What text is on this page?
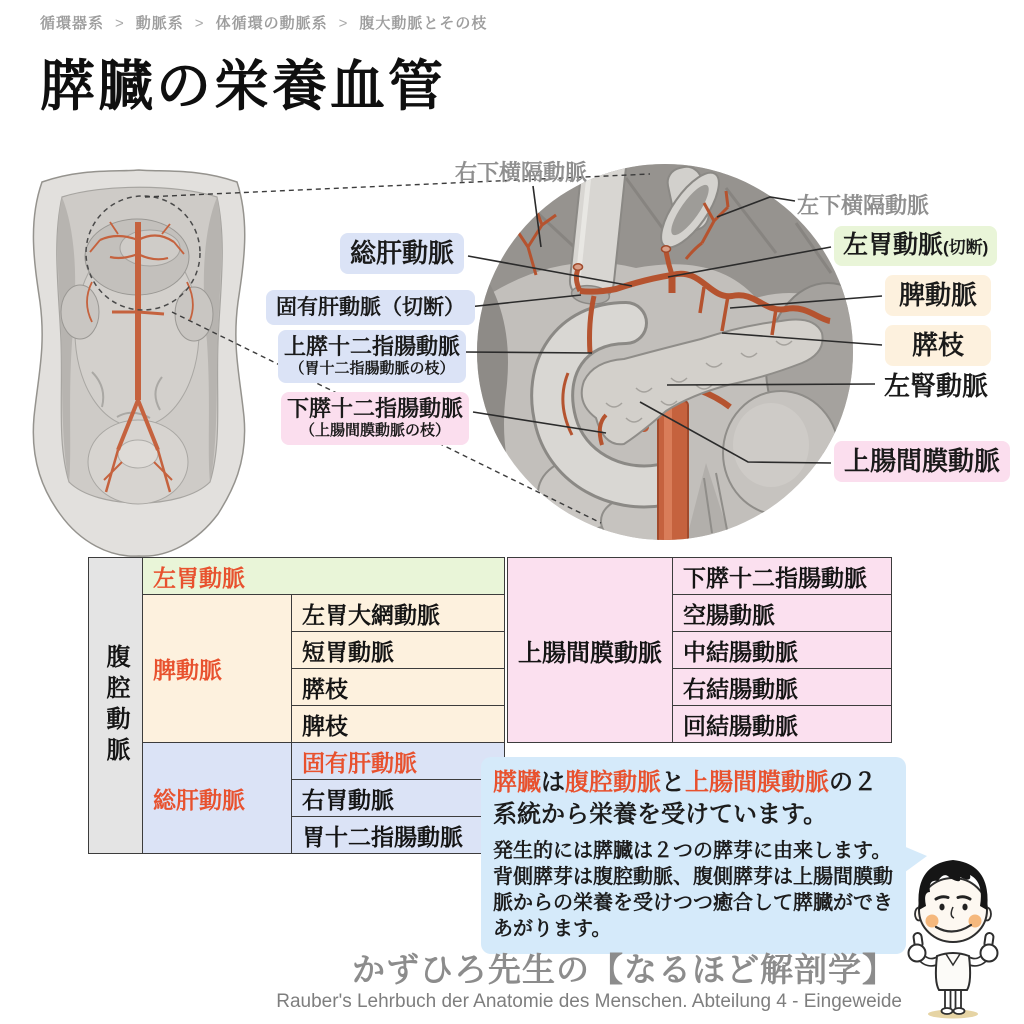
循環器系 > 動脈系 > 体循環の動脈系 > 腹大動脈とその枝
膵臓の栄養血管
右下横隔動脈
左下横隔動脈
総肝動脈
固有肝動脈（切断）
上膵十二指腸動脈
（胃十二指腸動脈の枝）
下膵十二指腸動脈
（上腸間膜動脈の枝）
左胃動脈(切断)
脾動脈
膵枝
左腎動脈
上腸間膜動脈
腹腔動脈	左胃動脈	
	脾動脈	左胃大網動脈
		短胃動脈
		膵枝
		脾枝
	総肝動脈	固有肝動脈
		右胃動脈
		胃十二指腸動脈
上腸間膜動脈	下膵十二指腸動脈
空腸動脈
中結腸動脈
右結腸動脈
回結腸動脈

膵臓は腹腔動脈と上腸間膜動脈の２系統から栄養を受けています。

発生的には膵臓は２つの膵芽に由来します。背側膵芽は腹腔動脈、腹側膵芽は上腸間膜動脈からの栄養を受けつつ癒合して膵臓ができあがります。

かずひろ先生の【なるほど解剖学】
Rauber's Lehrbuch der Anatomie des Menschen. Abteilung 4 - Eingeweide
